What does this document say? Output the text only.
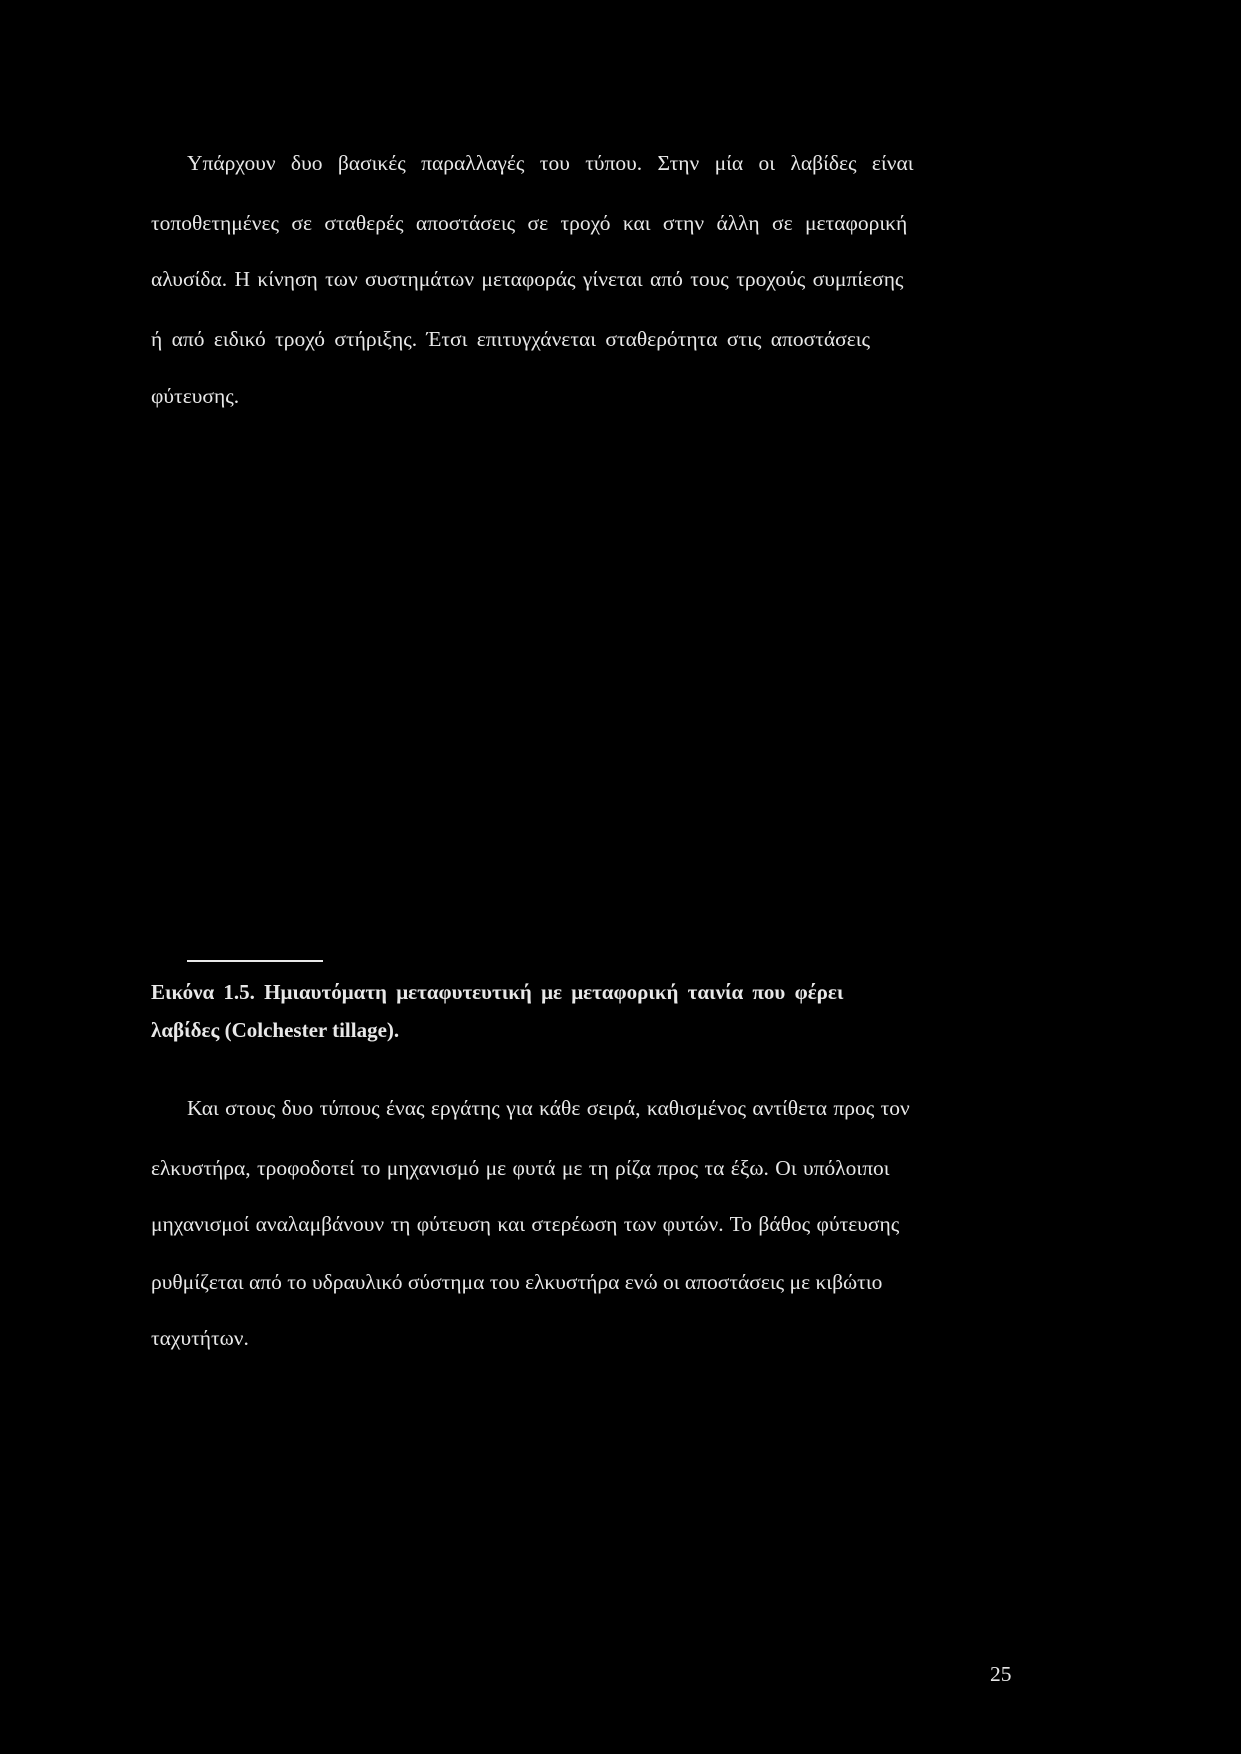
Υπάρχουν δυο βασικές παραλλαγές του τύπου. Στην μία οι λαβίδες είναι
τοποθετημένες σε σταθερές αποστάσεις σε τροχό και στην άλλη σε μεταφορική
αλυσίδα. Η κίνηση των συστημάτων μεταφοράς γίνεται από τους τροχούς συμπίεσης
ή από ειδικό τροχό στήριξης. Έτσι επιτυγχάνεται σταθερότητα στις αποστάσεις
φύτευσης.
Εικόνα 1.5. Ημιαυτόματη μεταφυτευτική με μεταφορική ταινία που φέρει
λαβίδες (Colchester tillage).
Και στους δυο τύπους ένας εργάτης για κάθε σειρά, καθισμένος αντίθετα προς τον
ελκυστήρα, τροφοδοτεί το μηχανισμό με φυτά με τη ρίζα προς τα έξω. Οι υπόλοιποι
μηχανισμοί αναλαμβάνουν τη φύτευση και στερέωση των φυτών. Το βάθος φύτευσης
ρυθμίζεται από το υδραυλικό σύστημα του ελκυστήρα ενώ οι αποστάσεις με κιβώτιο
ταχυτήτων.
25
